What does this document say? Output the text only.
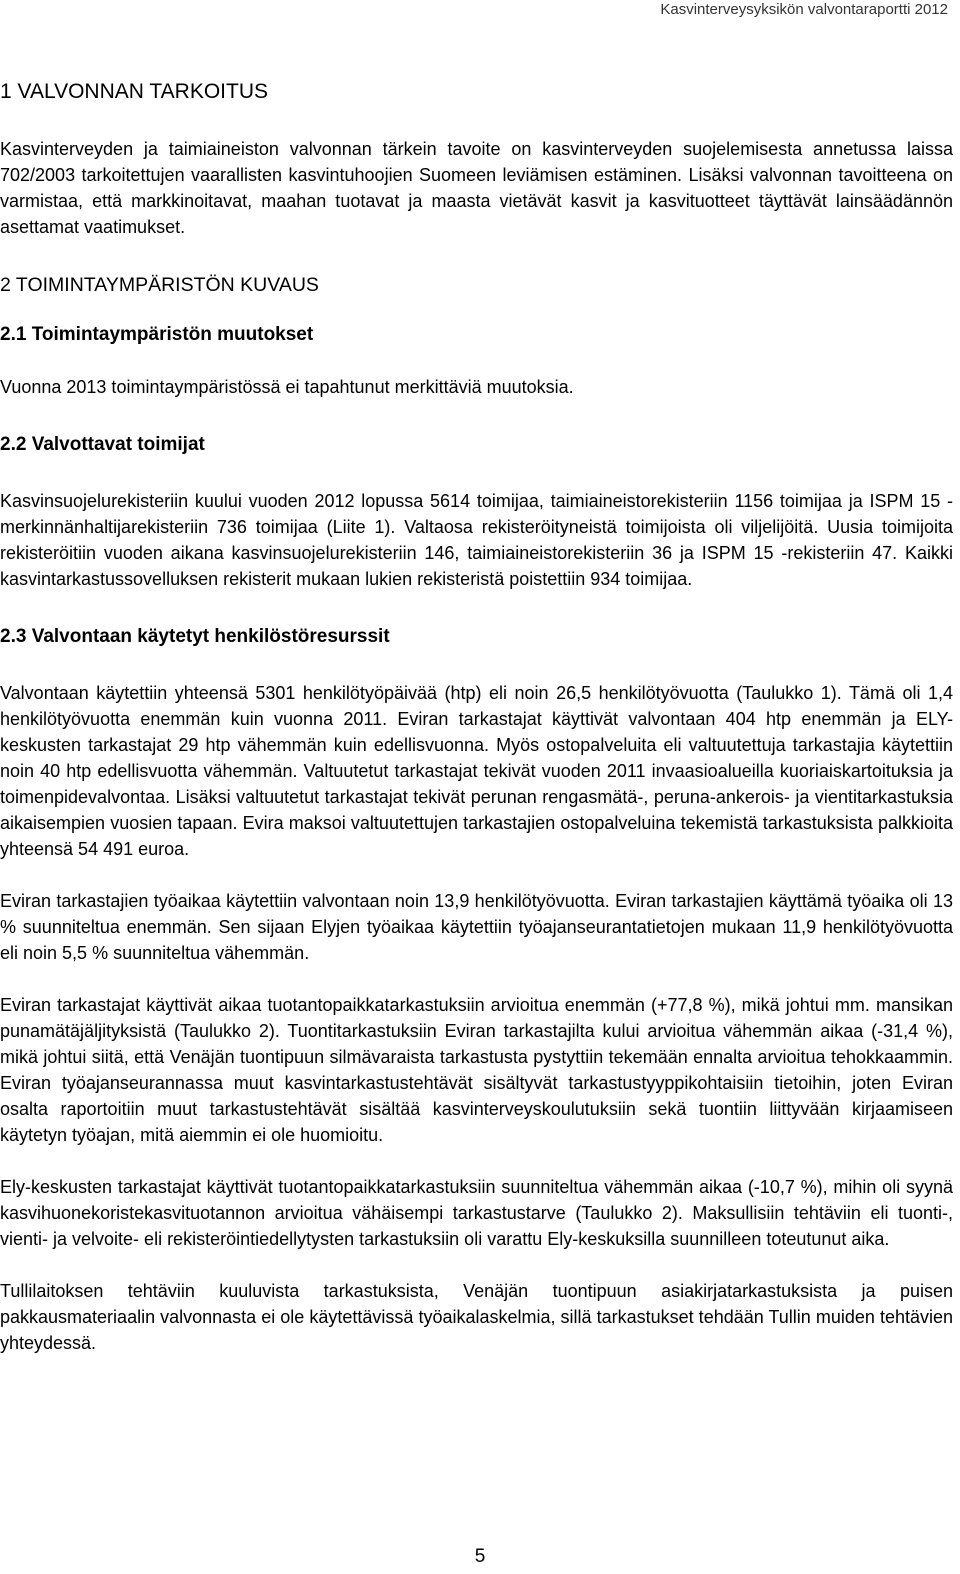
Kasvinterveysyksikön valvontaraportti 2012
1 VALVONNAN TARKOITUS

Kasvinterveyden ja taimiaineiston valvonnan tärkein tavoite on kasvinterveyden suojelemisesta annetussa laissa 702/2003 tarkoitettujen vaarallisten kasvintuhoojien Suomeen leviämisen estäminen. Lisäksi valvonnan tavoitteena on varmistaa, että markkinoitavat, maahan tuotavat ja maasta vietävät kasvit ja kasvituotteet täyttävät lainsäädännön asettamat vaatimukset.

2 TOIMINTAYMPÄRISTÖN KUVAUS
2.1 Toimintaympäristön muutokset

Vuonna 2013 toimintaympäristössä ei tapahtunut merkittäviä muutoksia.

2.2 Valvottavat toimijat

Kasvinsuojelurekisteriin kuului vuoden 2012 lopussa 5614 toimijaa, taimiaineistorekisteriin 1156 toimijaa ja ISPM 15 -merkinnänhaltijarekisteriin 736 toimijaa (Liite 1). Valtaosa rekisteröityneistä toimijoista oli viljelijöitä. Uusia toimijoita rekisteröitiin vuoden aikana kasvinsuojelurekisteriin 146, taimiaineistorekisteriin 36 ja ISPM 15 -rekisteriin 47. Kaikki kasvintarkastussovelluksen rekisterit mukaan lukien rekisteristä poistettiin 934 toimijaa.

2.3 Valvontaan käytetyt henkilöstöresurssit

Valvontaan käytettiin yhteensä 5301 henkilötyöpäivää (htp) eli noin 26,5 henkilötyövuotta (Taulukko 1). Tämä oli 1,4 henkilötyövuotta enemmän kuin vuonna 2011. Eviran tarkastajat käyttivät valvontaan 404 htp enemmän ja ELY-keskusten tarkastajat 29 htp vähemmän kuin edellisvuonna. Myös ostopalveluita eli valtuutettuja tarkastajia käytettiin noin 40 htp edellisvuotta vähemmän. Valtuutetut tarkastajat tekivät vuoden 2011 invaasioalueilla kuoriaiskartoituksia ja toimenpidevalvontaa. Lisäksi valtuutetut tarkastajat tekivät perunan rengasmätä-, peruna-ankerois- ja vientitarkastuksia aikaisempien vuosien tapaan. Evira maksoi valtuutettujen tarkastajien ostopalveluina tekemistä tarkastuksista palkkioita yhteensä 54 491 euroa.

Eviran tarkastajien työaikaa käytettiin valvontaan noin 13,9 henkilötyövuotta. Eviran tarkastajien käyttämä työaika oli 13 % suunniteltua enemmän. Sen sijaan Elyjen työaikaa käytettiin työajanseurantatietojen mukaan 11,9 henkilötyövuotta eli noin 5,5 % suunniteltua vähemmän.

Eviran tarkastajat käyttivät aikaa tuotantopaikkatarkastuksiin arvioitua enemmän (+77,8 %), mikä johtui mm. mansikan punamätäjäljityksistä (Taulukko 2). Tuontitarkastuksiin Eviran tarkastajilta kului arvioitua vähemmän aikaa (-31,4 %), mikä johtui siitä, että Venäjän tuontipuun silmävaraista tarkastusta pystyttiin tekemään ennalta arvioitua tehokkaammin. Eviran työajanseurannassa muut kasvintarkastustehtävät sisältyvät tarkastustyyppikohtaisiin tietoihin, joten Eviran osalta raportoitiin muut tarkastustehtävät sisältää kasvinterveyskoulutuksiin sekä tuontiin liittyvään kirjaamiseen käytetyn työajan, mitä aiemmin ei ole huomioitu.

Ely-keskusten tarkastajat käyttivät tuotantopaikkatarkastuksiin suunniteltua vähemmän aikaa (-10,7 %), mihin oli syynä kasvihuonekoristekasvituotannon arvioitua vähäisempi tarkastustarve (Taulukko 2). Maksullisiin tehtäviin eli tuonti-, vienti- ja velvoite- eli rekisteröintiedellytysten tarkastuksiin oli varattu Ely-keskuksilla suunnilleen toteutunut aika.

Tullilaitoksen tehtäviin kuuluvista tarkastuksista, Venäjän tuontipuun asiakirjatarkastuksista ja puisen pakkausmateriaalin valvonnasta ei ole käytettävissä työaikalaskelmia, sillä tarkastukset tehdään Tullin muiden tehtävien yhteydessä.

5
